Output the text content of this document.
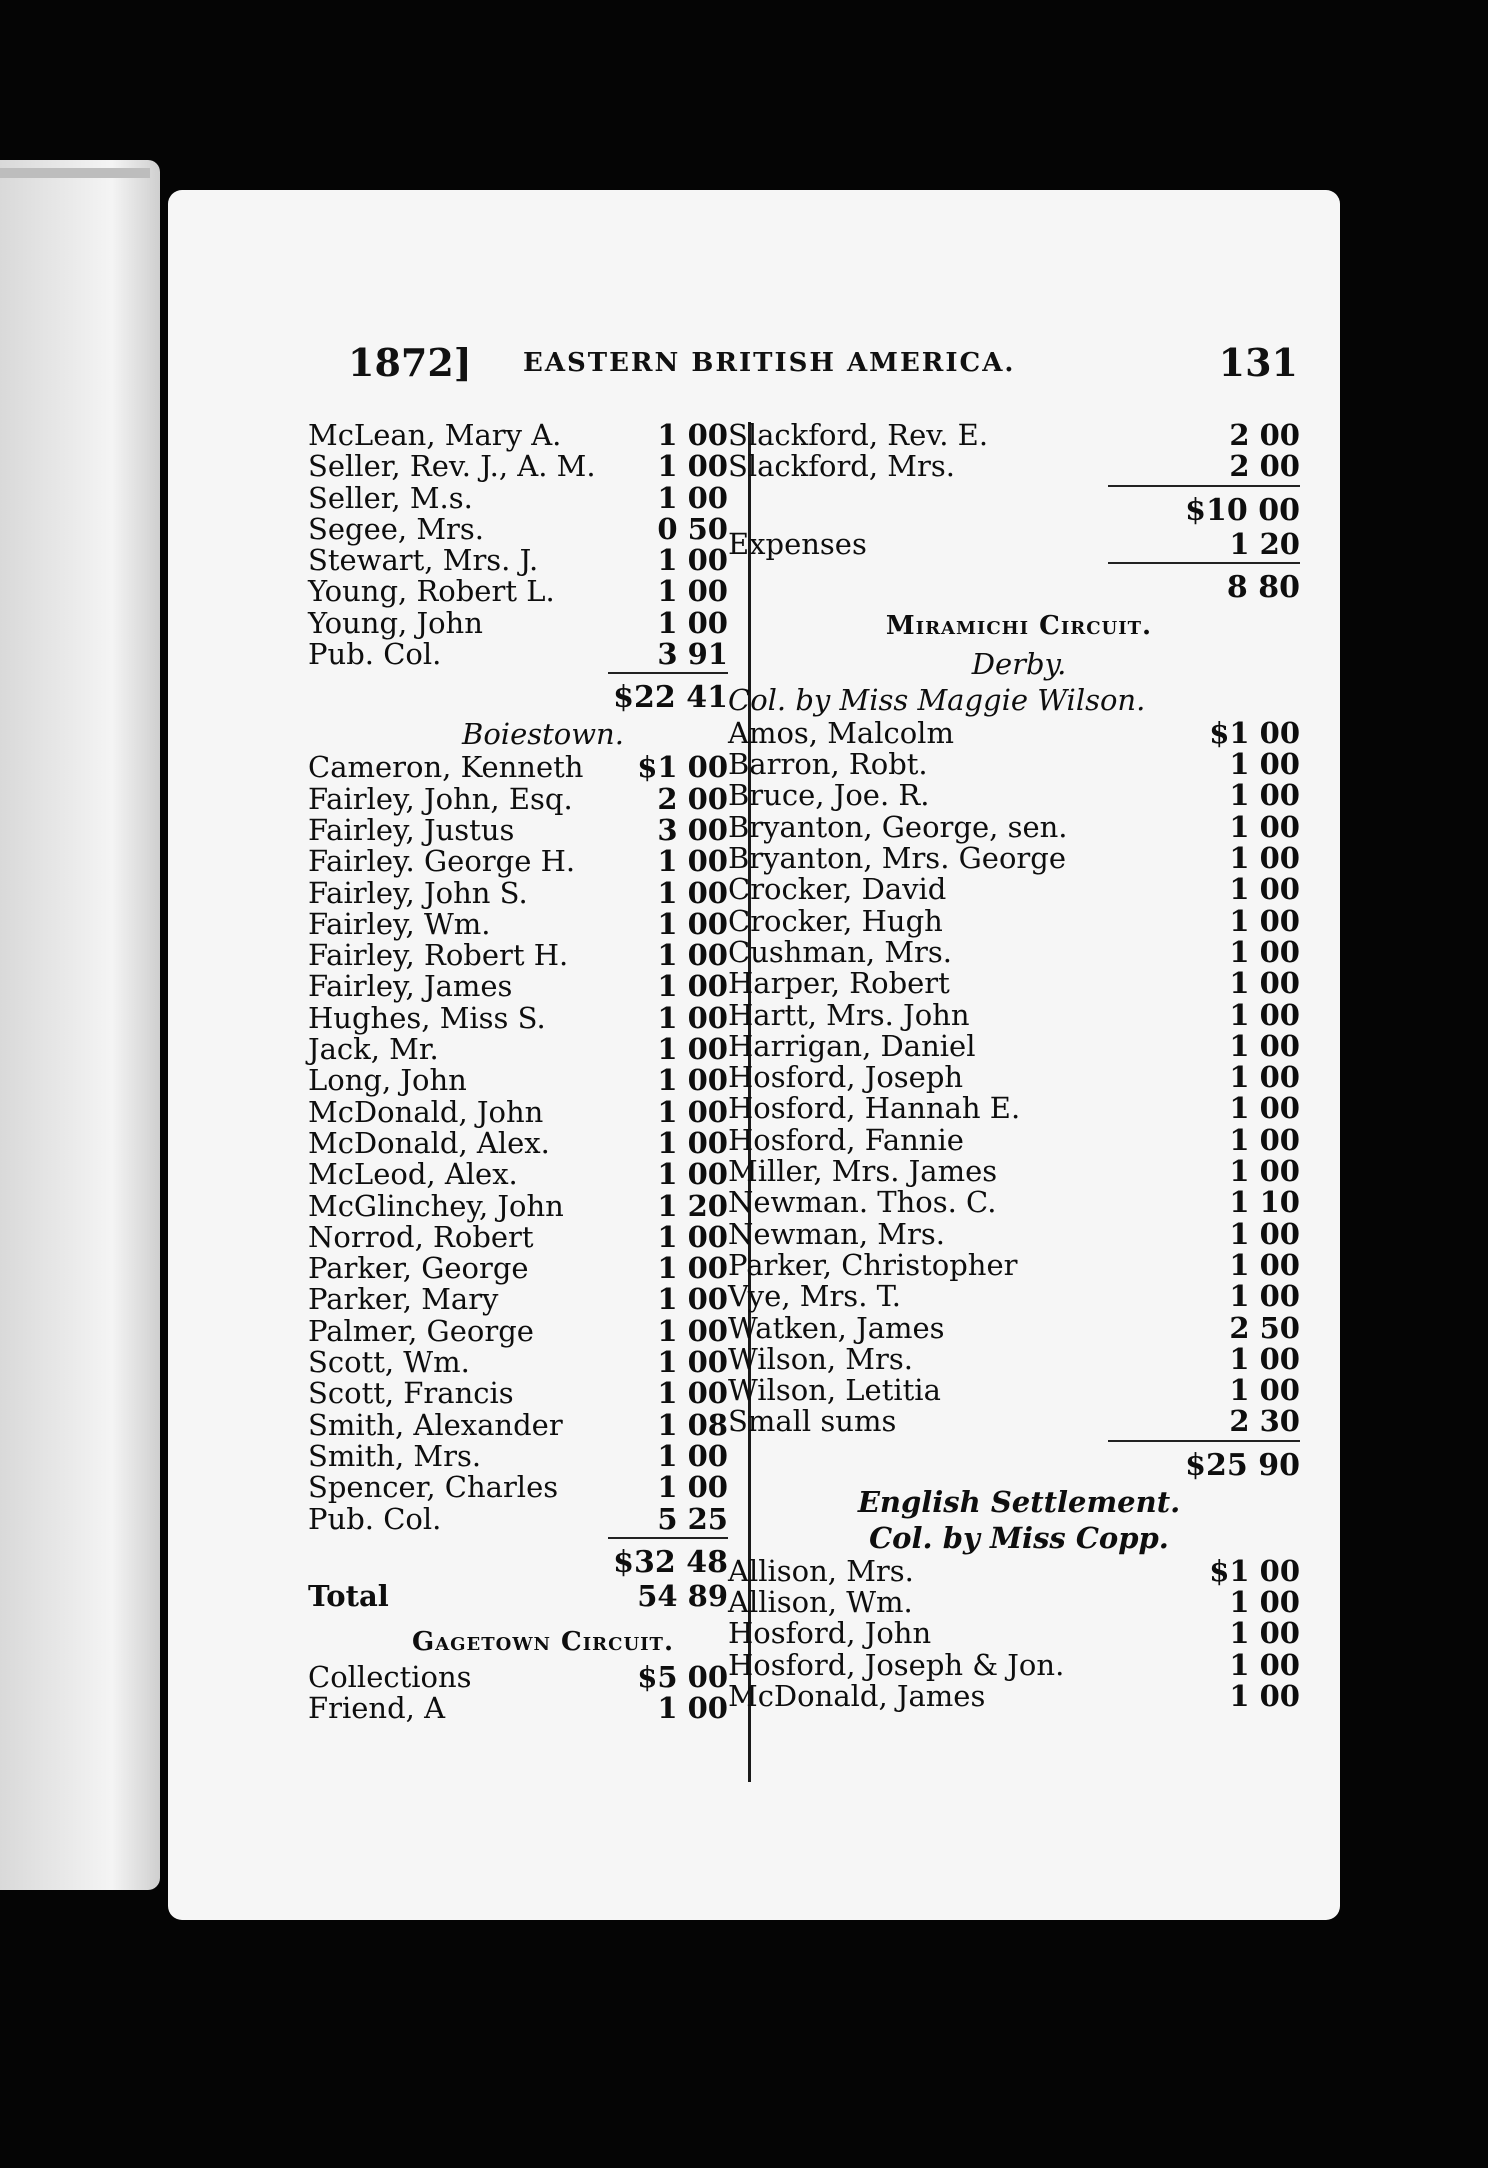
1872] EASTERN BRITISH AMERICA.	131
McLean, Mary A.	1 00
Seller, Rev. J., A. M. 1 00
Seller, M.s.	1 00
Segee, Mrs.	0 50
Stewart, Mrs. J.	1 00
Young, Robert L.	1 00
Young, John	1 00
Pub. Col.	3 91
$22 41
Boiestown.
Cameron, Kenneth $1 00
Fairley, John, Esq.	2 00
Fairley, Justus	3 00
Fairley. George H.	1 00
Fairley, John S.	1 00
Fairley, Wm.	1 00
Fairley, Robert H.	1 00
Fairley, James	1 00
Hughes, Miss S.	1 00
Jack, Mr.	1 00
Long, John	1 00
McDonald, John	1 00
McDonald, Alex.	1 00
McLeod, Alex.	1 00
McGlinchey, John	1 20
Norrod, Robert	1 00
Parker, George	1 00
Parker, Mary	1 00
Palmer, George	1 00
Scott, Wm.	1 00
Scott, Francis	1 00
Smith, Alexander	1 08
Smith, Mrs.	1 00
Spencer, Charles	1 00
Pub. Col.	5 25
$32 48
Total	54 89
Gagetown Circuit.
Collections	$5 00
Friend, A	1 00
Slackford, Rev. E.	2 00
Slackford, Mrs.	2 00
$10 00
Expenses	1 20
8 80
Miramichi Circuit.
Derby.
Col. by Miss Maggie Wilson.
Amos, Malcolm	$1 00
Barron, Robt.	1 00
Bruce, Joe. R.	1 00
Bryanton, George, sen.	1 00
Bryanton, Mrs. George	1 00
Crocker, David	1 00
Crocker, Hugh	1 00
Cushman, Mrs.	1 00
Harper, Robert	1 00
Hartt, Mrs. John	1 00
Harrigan, Daniel	1 00
Hosford, Joseph	1 00
Hosford, Hannah E.	1 00
Hosford, Fannie	1 00
Miller, Mrs. James	1 00
Newman. Thos. C.	1 10
Newman, Mrs.	1 00
Parker, Christopher	1 00
Vye, Mrs. T.	1 00
Watken, James	2 50
Wilson, Mrs.	1 00
Wilson, Letitia	1 00
Small sums	2 30
$25 90
English Settlement.
Col. by Miss Copp.
Allison, Mrs.	$1 00
Allison, Wm.	1 00
Hosford, John	1 00
Hosford, Joseph & Jon.	1 00
McDonald, James	1 00
